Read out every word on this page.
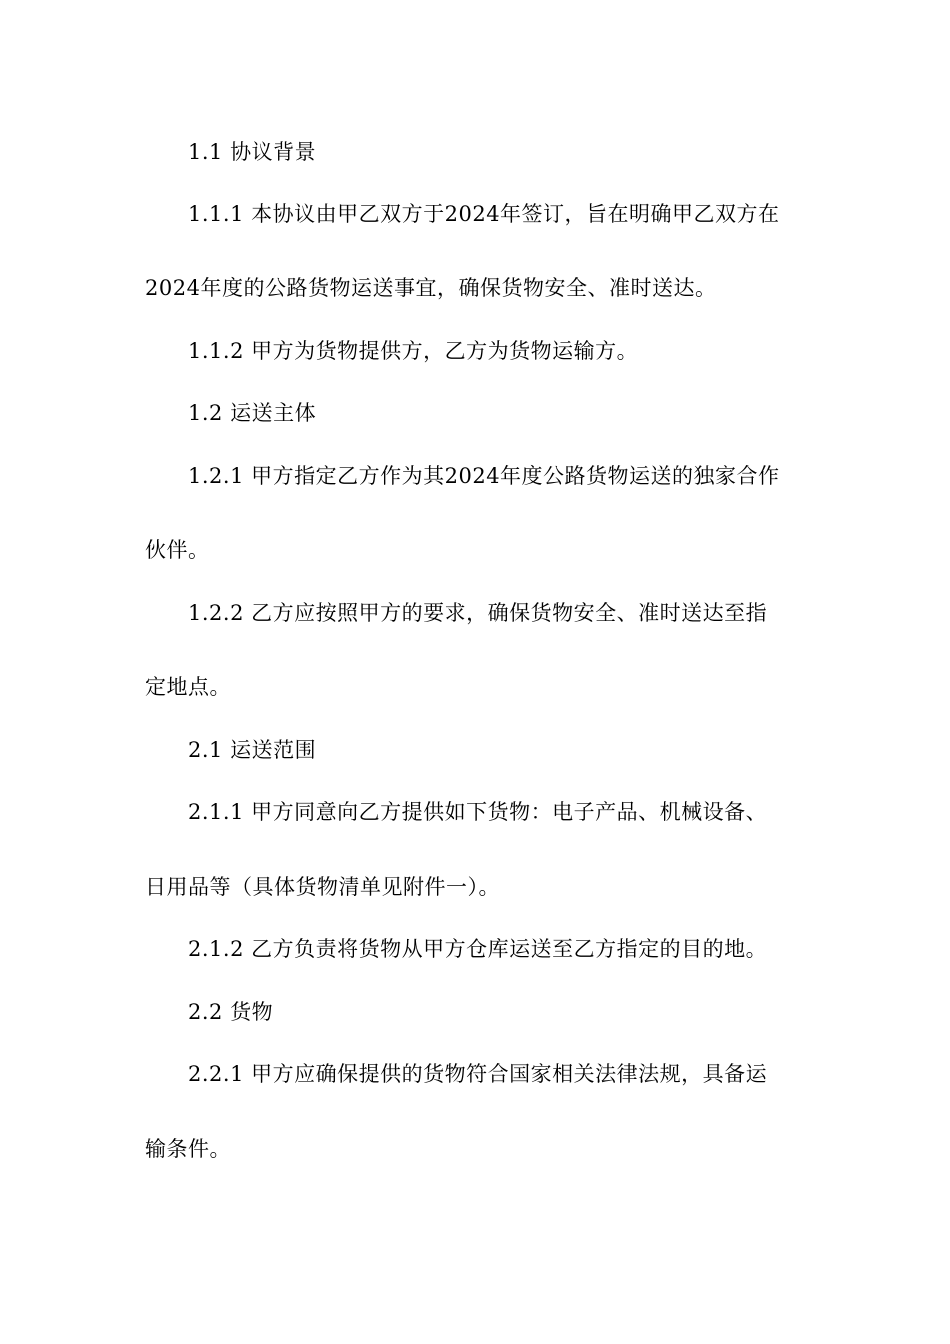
1.1 协议背景
1.1.1 本协议由甲乙双方于2024年签订，旨在明确甲乙双方在
2024年度的公路货物运送事宜，确保货物安全、准时送达。
1.1.2 甲方为货物提供方，乙方为货物运输方。
1.2 运送主体
1.2.1 甲方指定乙方作为其2024年度公路货物运送的独家合作
伙伴。
1.2.2 乙方应按照甲方的要求，确保货物安全、准时送达至指
定地点。
2.1 运送范围
2.1.1 甲方同意向乙方提供如下货物：电子产品、机械设备、
日用品等（具体货物清单见附件一）。
2.1.2 乙方负责将货物从甲方仓库运送至乙方指定的目的地。
2.2 货物
2.2.1 甲方应确保提供的货物符合国家相关法律法规，具备运
输条件。
